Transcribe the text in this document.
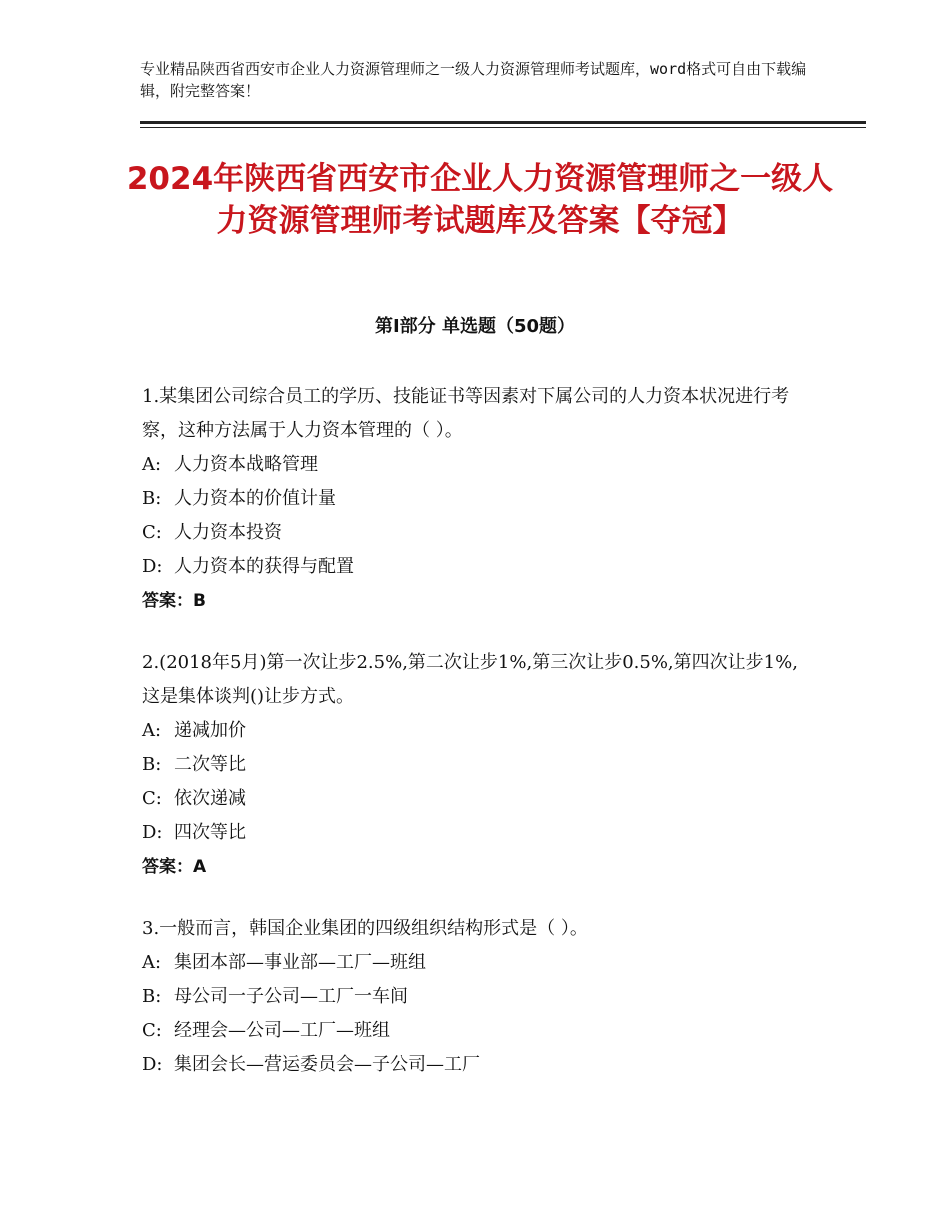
专业精品陕西省西安市企业人力资源管理师之一级人力资源管理师考试题库，word格式可自由下载编辑，附完整答案！
2024年陕西省西安市企业人力资源管理师之一级人力资源管理师考试题库及答案【夺冠】
第Ⅰ部分 单选题（50题）

1.某集团公司综合员工的学历、技能证书等因素对下属公司的人力资本状况进行考察，这种方法属于人力资本管理的（ ）。

A: 人力资本战略管理

B: 人力资本的价值计量

C: 人力资本投资

D: 人力资本的获得与配置

答案：B

2.(2018年5月)第一次让步2.5%,第二次让步1%,第三次让步0.5%,第四次让步1%,这是集体谈判()让步方式。

A: 递减加价

B: 二次等比

C: 依次递减

D: 四次等比

答案：A

3.一般而言，韩国企业集团的四级组织结构形式是（ ）。

A: 集团本部—事业部—工厂—班组

B: 母公司一子公司—工厂一车间

C: 经理会—公司—工厂—班组

D: 集团会长—营运委员会—子公司—工厂
